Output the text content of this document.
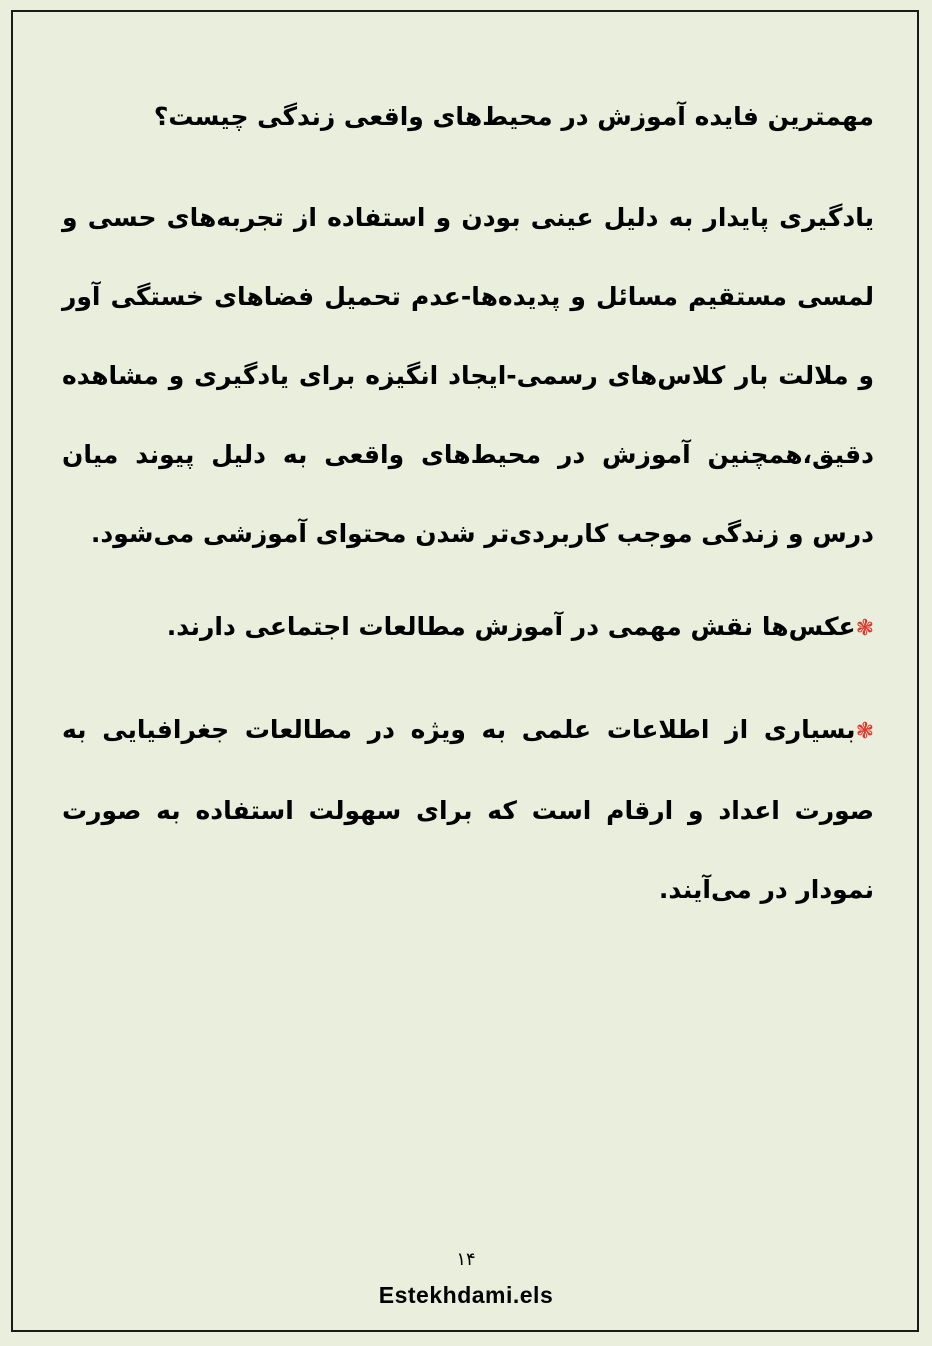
مهمترین فایده آموزش در محیط‌های واقعی زندگی چیست؟
یادگیری پایدار به دلیل عینی بودن و استفاده از تجربه‌های حسی و لمسی مستقیم مسائل و پدیده‌ها-عدم تحمیل فضاهای خستگی آور و ملالت بار کلاس‌های رسمی-ایجاد انگیزه برای یادگیری و مشاهده دقیق،همچنین آموزش در محیط‌های واقعی به دلیل پیوند میان درس و زندگی موجب کاربردی‌تر شدن محتوای آموزشی می‌شود.
❃عکس‌ها نقش مهمی در آموزش مطالعات اجتماعی دارند.
❃بسیاری از اطلاعات علمی به ویژه در مطالعات جغرافیایی به صورت اعداد و ارقام است که برای سهولت استفاده به صورت نمودار در می‌آیند.
۱۴
Estekhdami.els
